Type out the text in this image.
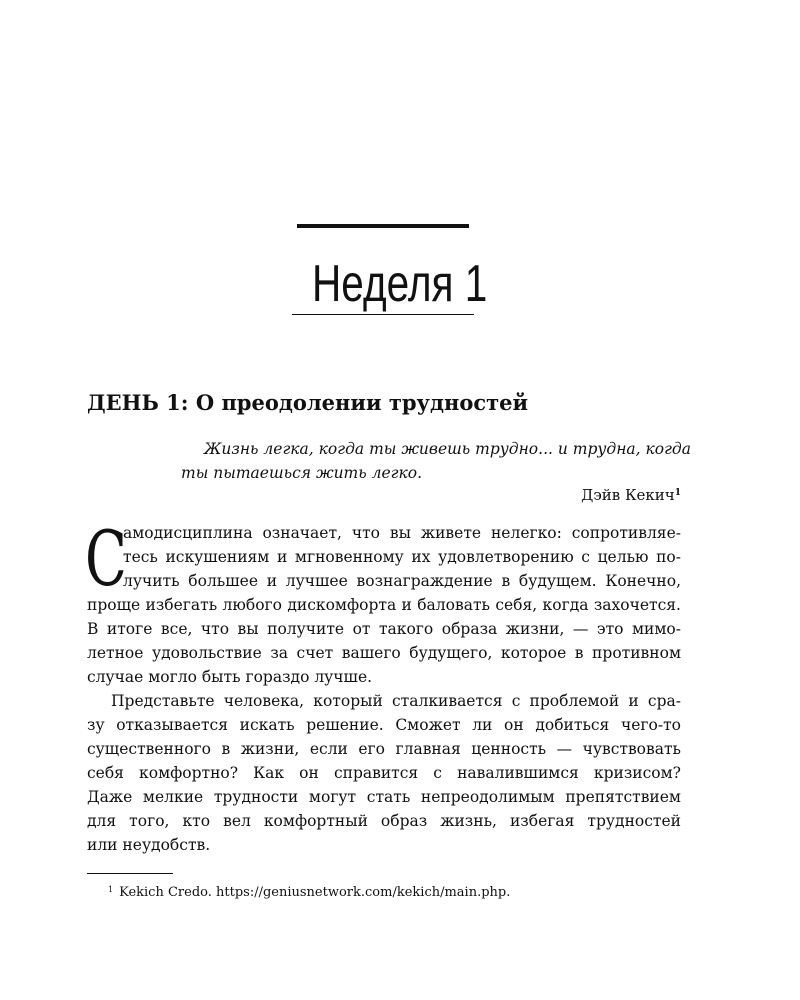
Неделя 1
ДЕНЬ 1: О преодолении трудностей
Жизнь легка, когда ты живешь трудно... и трудна, когда
ты пытаешься жить легко.
Дэйв Кекич$^1$
С
амодисциплина означает, что вы живете нелегко: сопротивляе-
тесь искушениям и мгновенному их удовлетворению с целью по-
лучить большее и лучшее вознаграждение в будущем. Конечно,
проще избегать любого дискомфорта и баловать себя, когда захочется.
В итоге все, что вы получите от такого образа жизни, — это мимо-
летное удовольствие за счет вашего будущего, которое в противном
случае могло быть гораздо лучше.
Представьте человека, который сталкивается с проблемой и сра-
зу отказывается искать решение. Сможет ли он добиться чего-то
существенного в жизни, если его главная ценность — чувствовать
себя комфортно? Как он справится с навалившимся кризисом?
Даже мелкие трудности могут стать непреодолимым препятствием
для того, кто вел комфортный образ жизнь, избегая трудностей
или неудобств.
$^1$ Kekich Credo. https://geniusnetwork.com/kekich/main.php.
